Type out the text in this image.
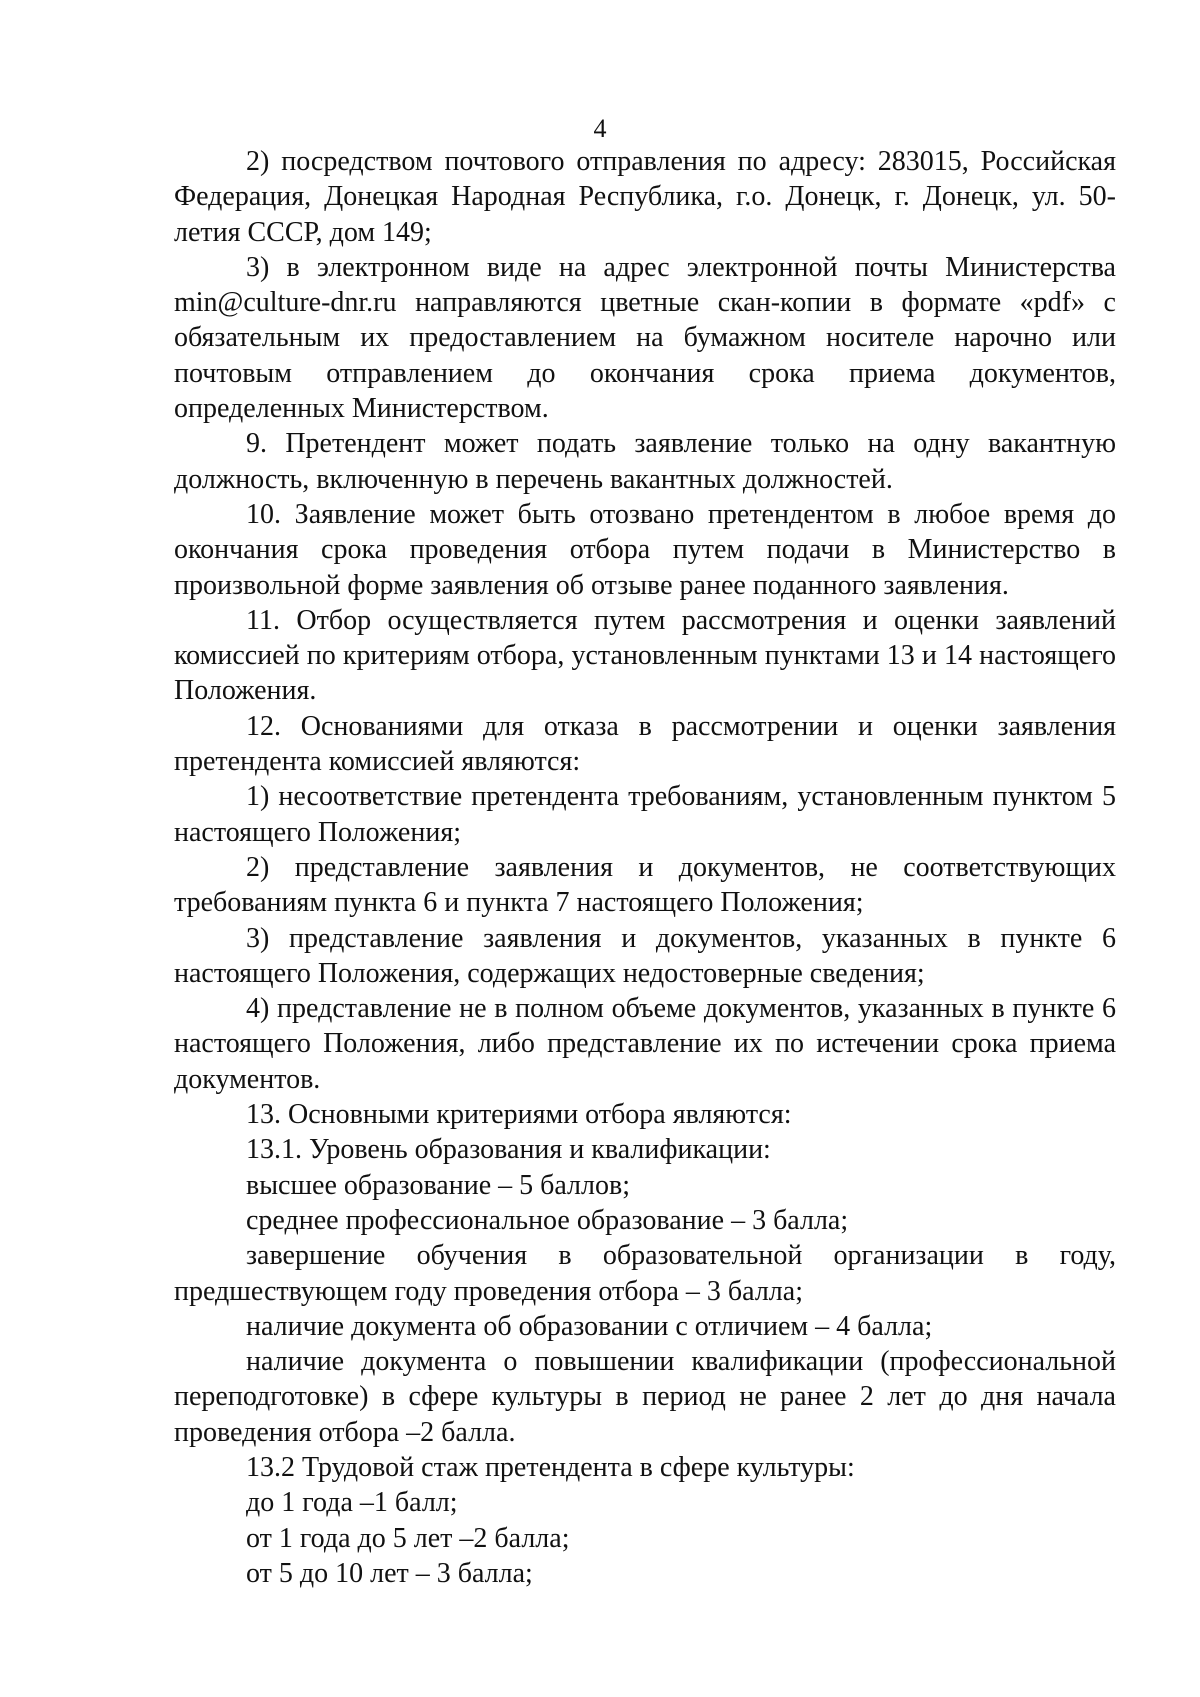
4

2) посредством почтового отправления по адресу: 283015, Российская Федерация, Донецкая Народная Республика, г.о. Донецк, г. Донецк, ул. 50-летия СССР, дом 149;

3) в электронном виде на адрес электронной почты Министерства min@culture-dnr.ru направляются цветные скан-копии в формате «pdf» с обязательным их предоставлением на бумажном носителе нарочно или почтовым отправлением до окончания срока приема документов, определенных Министерством.

9. Претендент может подать заявление только на одну вакантную должность, включенную в перечень вакантных должностей.

10. Заявление может быть отозвано претендентом в любое время до окончания срока проведения отбора путем подачи в Министерство в произвольной форме заявления об отзыве ранее поданного заявления.

11. Отбор осуществляется путем рассмотрения и оценки заявлений комиссией по критериям отбора, установленным пунктами 13 и 14 настоящего Положения.

12. Основаниями для отказа в рассмотрении и оценки заявления претендента комиссией являются:

1) несоответствие претендента требованиям, установленным пунктом 5 настоящего Положения;

2) представление заявления и документов, не соответствующих требованиям пункта 6 и пункта 7 настоящего Положения;

3) представление заявления и документов, указанных в пункте 6 настоящего Положения, содержащих недостоверные сведения;

4) представление не в полном объеме документов, указанных в пункте 6 настоящего Положения, либо представление их по истечении срока приема документов.

13. Основными критериями отбора являются:

13.1. Уровень образования и квалификации:

высшее образование – 5 баллов;

среднее профессиональное образование – 3 балла;

завершение обучения в образовательной организации в году, предшествующем году проведения отбора – 3 балла;

наличие документа об образовании с отличием – 4 балла;

наличие документа о повышении квалификации (профессиональной переподготовке) в сфере культуры в период не ранее 2 лет до дня начала проведения отбора –2 балла.

13.2 Трудовой стаж претендента в сфере культуры:

до 1 года –1 балл;

от 1 года до 5 лет –2 балла;

от 5 до 10 лет – 3 балла;
